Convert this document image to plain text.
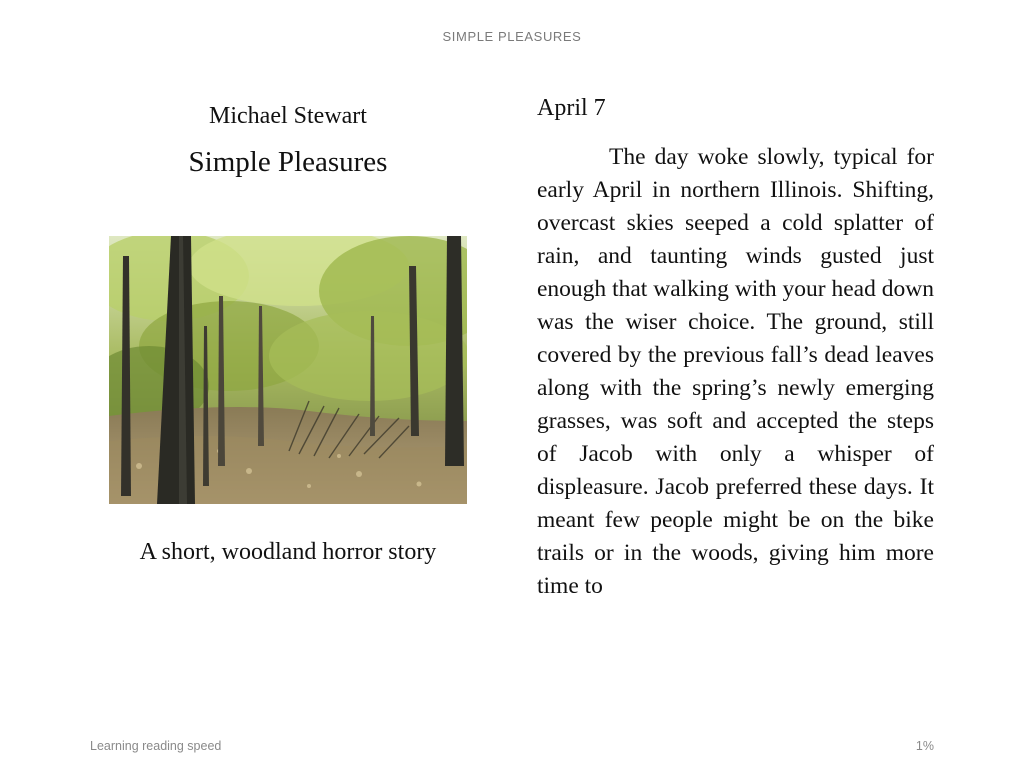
SIMPLE PLEASURES
Michael Stewart
Simple Pleasures
A short, woodland horror story
April 7
The day woke slowly, typical for early April in northern Illinois. Shifting, overcast skies seeped a cold splatter of rain, and taunting winds gusted just enough that walking with your head down was the wiser choice. The ground, still covered by the previous fall’s dead leaves along with the spring’s newly emerging grasses, was soft and accepted the steps of Jacob with only a whisper of displeasure. Jacob preferred these days. It meant few people might be on the bike trails or in the woods, giving him more time to
Learning reading speed	1%
